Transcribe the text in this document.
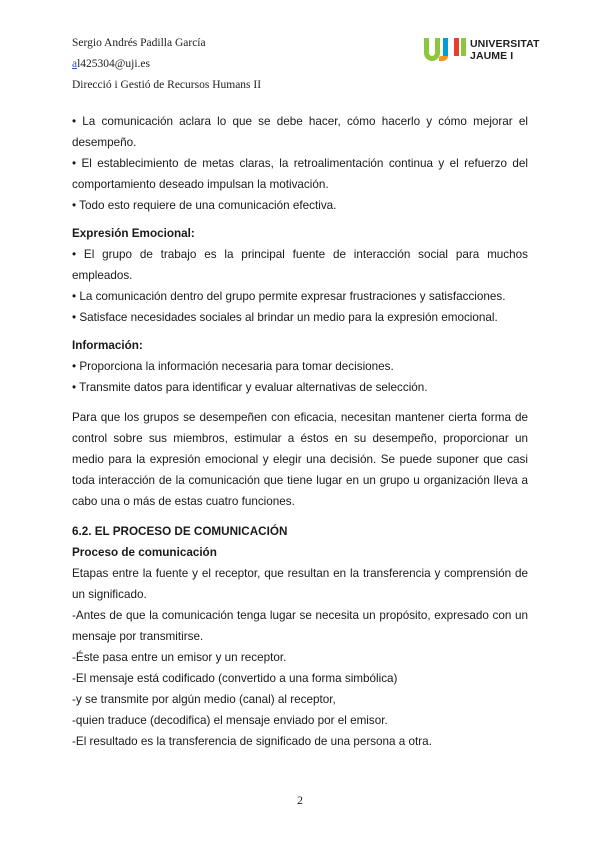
Sergio Andrés Padilla García
al425304@uji.es
Direcció i Gestió de Recursos Humans II
UNIVERSITAT
JAUME I

• La comunicación aclara lo que se debe hacer, cómo hacerlo y cómo mejorar el desempeño.

• El establecimiento de metas claras, la retroalimentación continua y el refuerzo del comportamiento deseado impulsan la motivación.

• Todo esto requiere de una comunicación efectiva.

Expresión Emocional:

• El grupo de trabajo es la principal fuente de interacción social para muchos empleados.

• La comunicación dentro del grupo permite expresar frustraciones y satisfacciones.

• Satisface necesidades sociales al brindar un medio para la expresión emocional.

Información:

• Proporciona la información necesaria para tomar decisiones.

• Transmite datos para identificar y evaluar alternativas de selección.

Para que los grupos se desempeñen con eficacia, necesitan mantener cierta forma de control sobre sus miembros, estimular a éstos en su desempeño, proporcionar un medio para la expresión emocional y elegir una decisión. Se puede suponer que casi toda interacción de la comunicación que tiene lugar en un grupo u organización lleva a cabo una o más de estas cuatro funciones.

6.2. EL PROCESO DE COMUNICACIÓN

Proceso de comunicación

Etapas entre la fuente y el receptor, que resultan en la transferencia y comprensión de un significado.

-Antes de que la comunicación tenga lugar se necesita un propósito, expresado con un mensaje por transmitirse.

-Éste pasa entre un emisor y un receptor.

-El mensaje está codificado (convertido a una forma simbólica)

-y se transmite por algún medio (canal) al receptor,

-quien traduce (decodifica) el mensaje enviado por el emisor.

-El resultado es la transferencia de significado de una persona a otra.

2
